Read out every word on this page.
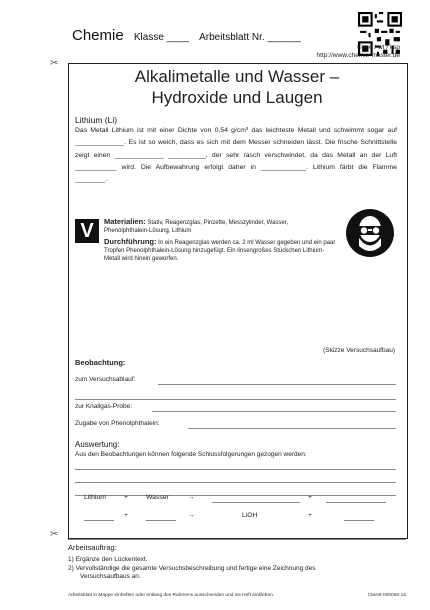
Chemie Klasse ____ Arbeitsblatt Nr. ______
© me / wt / ksp
http://www.chemie-master.de
✂
✂
Alkalimetalle und Wasser –
Hydroxide und Laugen
Lithium (Li)
Das Metall Lithium ist mit einer Dichte von 0,54 g/cm³ das leichteste Metall und schwimmt sogar auf _____________. Es ist so weich, dass es sich mit dem Messer schneiden lässt. Die frische Schnittstelle zeigt einen _____________ __________, der sehr rasch verschwindet, da das Metall an der Luft ___________ wird. Die Aufbewahrung erfolgt daher in ____________. Lithium färbt die Flamme ________.
V	Materialien: Stativ, Reagenzglas, Pinzette, Messzylinder, Wasser, Phenolphthalein-Lösung, Lithium
Durchführung: In ein Reagenzglas werden ca. 2 ml Wasser gegeben und ein paar Tropfen Phenolphthalein-Lösung hinzugefügt. Ein linsengroßes Stückchen Lithium-Metall wird hinein geworfen.
(Skizze Versuchsaufbau)
Beobachtung:
zum Versuchsablauf:
zur Knallgas-Probe:
Zugabe von Phenolphthalein:
Auswertung:
Aus den Beobachtungen können folgende Schlussfolgerungen gezogen werden:
Lithium	+	Wasser	→	+
+	→	LiOH	+
Arbeitsauftrag:
1) Ergänze den Lückentext.
2) Vervollständige die gesamte Versuchsbeschreibung und fertige eine Zeichnung des
Versuchsaufbaus an.
Arbeitsblatt in Mappe einheften oder entlang des Rahmens ausschneiden und ins Heft einkleben.	CMAB-000065-15
